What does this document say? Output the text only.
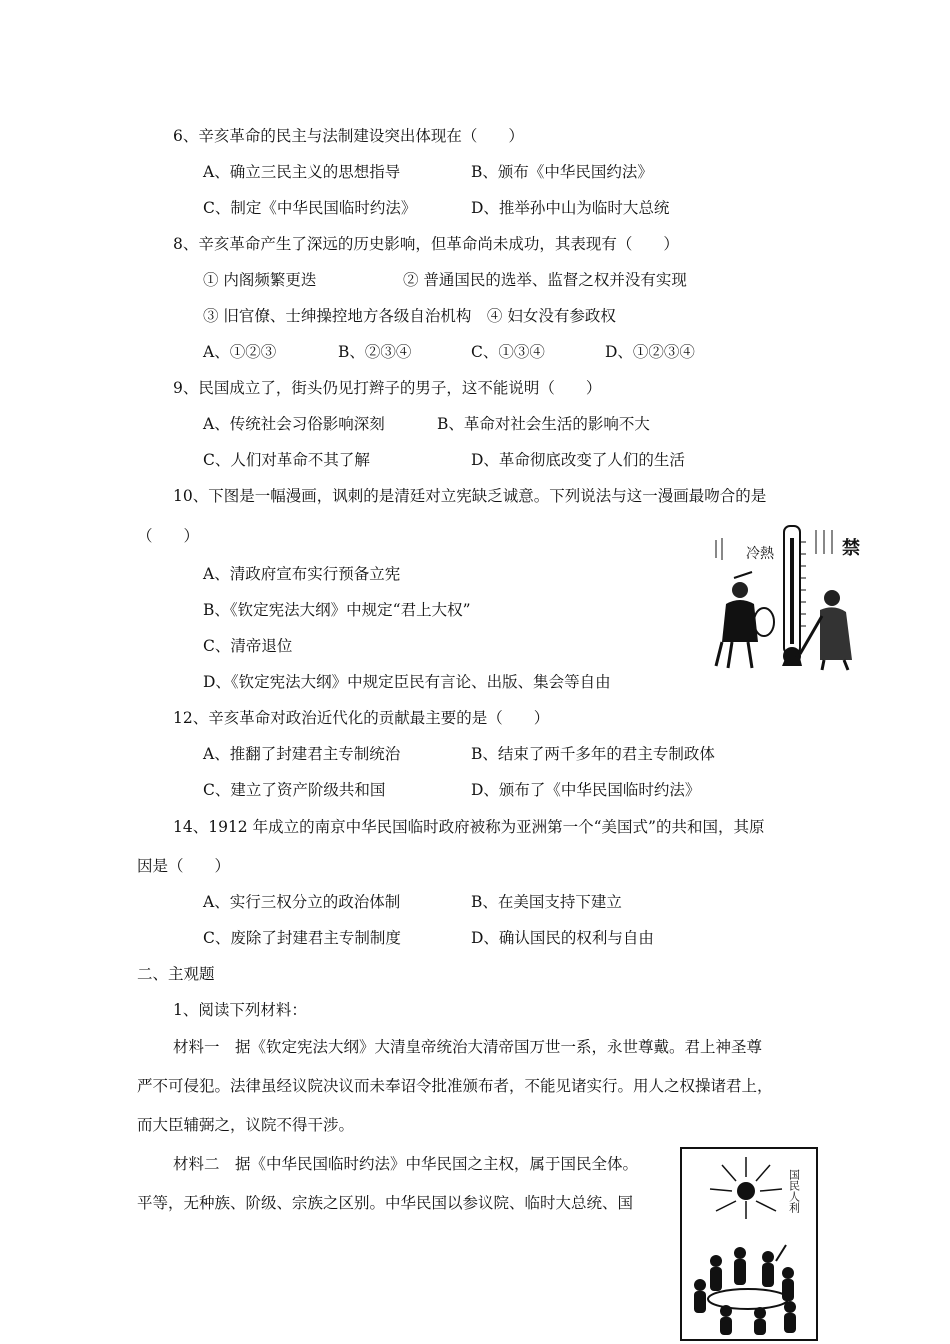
6、辛亥革命的民主与法制建设突出体现在（　　）
A、确立三民主义的思想指导	B、颁布《中华民国约法》
C、制定《中华民国临时约法》	D、推举孙中山为临时大总统
8、辛亥革命产生了深远的历史影响，但革命尚未成功，其表现有（　　）
① 内阁频繁更迭	② 普通国民的选举、监督之权并没有实现
③ 旧官僚、士绅操控地方各级自治机构　④ 妇女没有参政权
A、①②③	B、②③④	C、①③④	D、①②③④
9、民国成立了，街头仍见打辫子的男子，这不能说明（　　）
A、传统社会习俗影响深刻	B、革命对社会生活的影响不大
C、人们对革命不其了解	D、革命彻底改变了人们的生活
10、下图是一幅漫画，讽刺的是清廷对立宪缺乏诚意。下列说法与这一漫画最吻合的是
（　　）
A、清政府宣布实行预备立宪
B、《钦定宪法大纲》中规定“君上大权”
C、清帝退位
D、《钦定宪法大纲》中规定臣民有言论、出版、集会等自由
冷熱	禁
12、辛亥革命对政治近代化的贡献最主要的是（　　）
A、推翻了封建君主专制统治	B、结束了两千多年的君主专制政体
C、建立了资产阶级共和国	D、颁布了《中华民国临时约法》
14、1912 年成立的南京中华民国临时政府被称为亚洲第一个“美国式”的共和国，其原
因是（　　）
A、实行三权分立的政治体制	B、在美国支持下建立
C、废除了封建君主专制制度	D、确认国民的权利与自由
二、主观题
1、阅读下列材料：
材料一　据《钦定宪法大纲》大清皇帝统治大清帝国万世一系，永世尊戴。君上神圣尊
严不可侵犯。法律虽经议院决议而未奉诏令批准颁布者，不能见诸实行。用人之权操诸君上，
而大臣辅弼之，议院不得干涉。
材料二　据《中华民国临时约法》中华民国之主权，属于国民全体。
平等，无种族、阶级、宗族之区别。中华民国以参议院、临时大总统、国	国民人利
